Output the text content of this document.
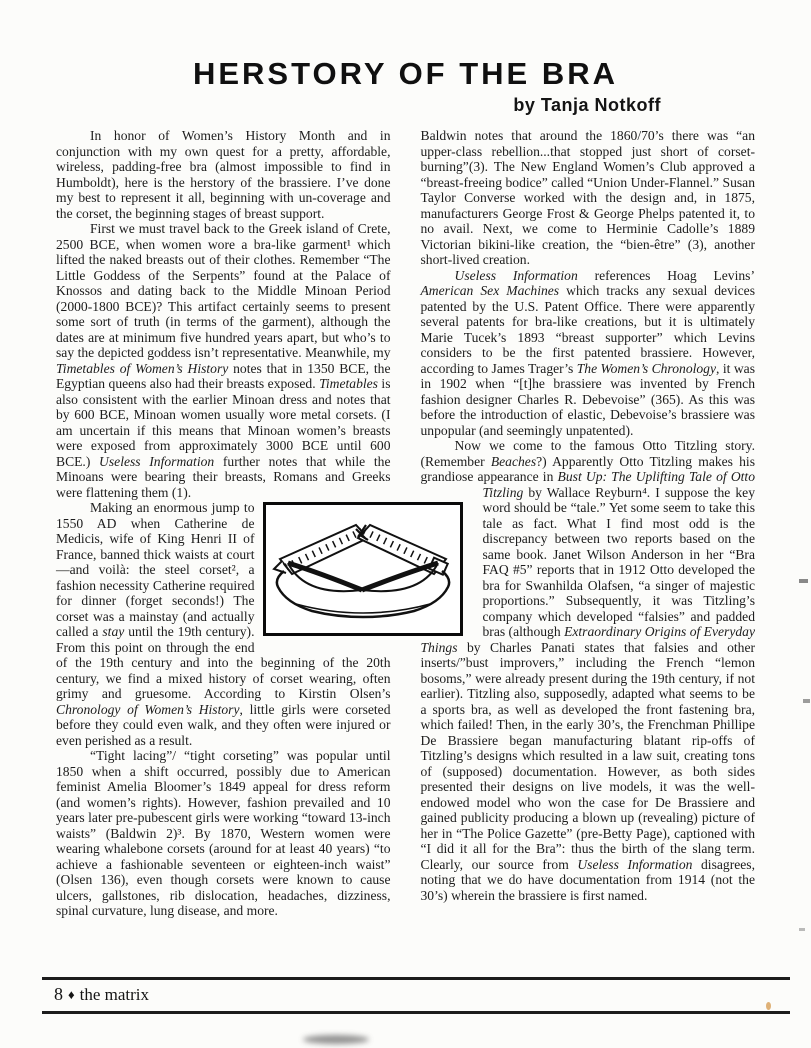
HERSTORY OF THE BRA
by Tanja Notkoff

In honor of Women’s History Month and in conjunction with my own quest for a pretty, affordable, wireless, padding-free bra (almost impossible to find in Humboldt), here is the herstory of the brassiere. I’ve done my best to represent it all, beginning with un-coverage and the corset, the beginning stages of breast support.

First we must travel back to the Greek island of Crete, 2500 BCE, when women wore a bra-like garment¹ which lifted the naked breasts out of their clothes. Remember “The Little Goddess of the Serpents” found at the Palace of Knossos and dating back to the Middle Minoan Period (2000-1800 BCE)? This artifact certainly seems to present some sort of truth (in terms of the garment), although the dates are at minimum five hundred years apart, but who’s to say the depicted goddess isn’t representative. Meanwhile, my Timetables of Women’s History notes that in 1350 BCE, the Egyptian queens also had their breasts exposed. Timetables is also consistent with the earlier Minoan dress and notes that by 600 BCE, Minoan women usually wore metal corsets. (I am uncertain if this means that Minoan women’s breasts were exposed from approximately 3000 BCE until 600 BCE.) Useless Information further notes that while the Minoans were bearing their breasts, Romans and Greeks were flattening them (1).

Making an enormous jump to 1550 AD when Catherine de Medicis, wife of King Henri II of France, banned thick waists at court—and voilà: the steel corset², a fashion necessity Catherine required for dinner (forget seconds!) The corset was a mainstay (and actually called a stay until the 19th century). From this point on through the end of the 19th century and into the beginning of the 20th century, we find a mixed history of corset wearing, often grimy and gruesome. According to Kirstin Olsen’s Chronology of Women’s History, little girls were corseted before they could even walk, and they often were injured or even perished as a result.

“Tight lacing”/ “tight corseting” was popular until 1850 when a shift occurred, possibly due to American feminist Amelia Bloomer’s 1849 appeal for dress reform (and women’s rights). However, fashion prevailed and 10 years later pre-pubescent girls were working “toward 13-inch waists” (Baldwin 2)³. By 1870, Western women were wearing whalebone corsets (around for at least 40 years) “to achieve a fashionable seventeen or eighteen-inch waist” (Olsen 136), even though corsets were known to cause ulcers, gallstones, rib dislocation, headaches, dizziness, spinal curvature, lung disease, and more.

Baldwin notes that around the 1860/70’s there was “an upper-class rebellion...that stopped just short of corset-burning”(3). The New England Women’s Club approved a “breast-freeing bodice” called “Union Under-Flannel.” Susan Taylor Converse worked with the design and, in 1875, manufacturers George Frost & George Phelps patented it, to no avail. Next, we come to Herminie Cadolle’s 1889 Victorian bikini-like creation, the “bien-être” (3), another short-lived creation.

Useless Information references Hoag Levins’ American Sex Machines which tracks any sexual devices patented by the U.S. Patent Office. There were apparently several patents for bra-like creations, but it is ultimately Marie Tucek’s 1893 “breast supporter” which Levins considers to be the first patented brassiere. However, according to James Trager’s The Women’s Chronology, it was in 1902 when “[t]he brassiere was invented by French fashion designer Charles R. Debevoise” (365). As this was before the introduction of elastic, Debevoise’s brassiere was unpopular (and seemingly unpatented).

Now we come to the famous Otto Titzling story. (Remember Beaches?) Apparently Otto Titzling makes his grandiose appearance in Bust Up: The Uplifting Tale of
Otto Titzling by Wallace Reyburn⁴. I suppose the key word should be “tale.” Yet some seem to take this tale as fact. What I find most odd is the discrepancy between two reports based on the same book. Janet Wilson Anderson in her “Bra FAQ #5” reports that in 1912 Otto developed the bra for Swanhilda Olafsen, “a singer of majestic proportions.” Subsequently, it was Titzling’s company which developed “falsies” and padded bras (although Extraordinary Origins of Everyday Things by Charles Panati states that falsies and other inserts/”bust improvers,” including the French “lemon bosoms,” were already present during the 19th century, if not earlier). Titzling also, supposedly, adapted what seems to be a sports bra, as well as developed the front fastening bra, which failed! Then, in the early 30’s, the Frenchman Phillipe De Brassiere began manufacturing blatant rip-offs of Titzling’s designs which resulted in a law suit, creating tons of (supposed) documentation. However, as both sides presented their designs on live models, it was the well-endowed model who won the case for De Brassiere and gained publicity producing a blown up (revealing) picture of her in “The Police Gazette” (pre-Betty Page), captioned with “I did it all for the Bra”: thus the birth of the slang term. Clearly, our source from Useless Information disagrees, noting that we do have documentation from 1914 (not the 30’s) wherein the brassiere is first named.

8 ♦ the matrix
